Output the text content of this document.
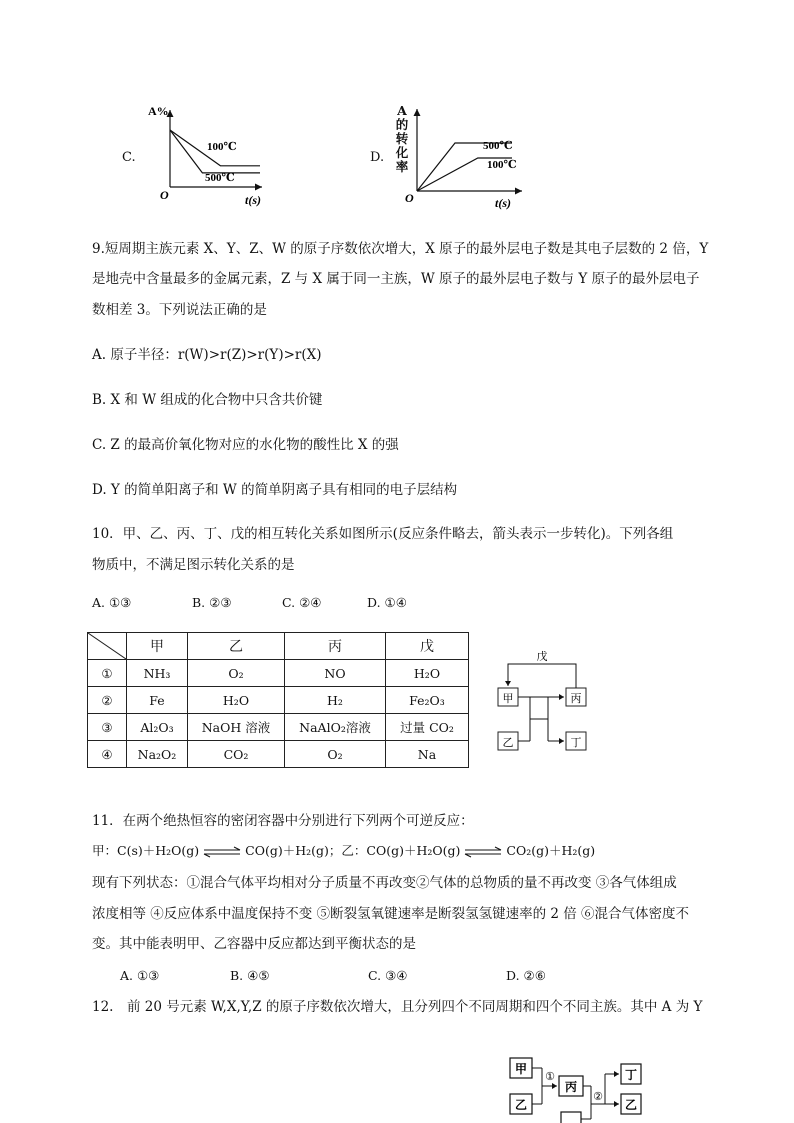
C.
A%
O	t(s)
100℃
500℃
D.
A
的
转
化
率
O	t(s)
500℃
100℃
9.短周期主族元素 X、Y、Z、W 的原子序数依次增大，X 原子的最外层电子数是其电子层数的 2 倍，Y
是地壳中含量最多的金属元素，Z 与 X 属于同一主族，W 原子的最外层电子数与 Y 原子的最外层电子
数相差 3。下列说法正确的是
A. 原子半径：r(W)>r(Z)>r(Y)>r(X)
B. X 和 W 组成的化合物中只含共价键
C. Z 的最高价氧化物对应的水化物的酸性比 X 的强
D. Y 的简单阳离子和 W 的简单阴离子具有相同的电子层结构
10．甲、乙、丙、丁、戊的相互转化关系如图所示(反应条件略去，箭头表示一步转化)。下列各组
物质中，不满足图示转化关系的是
A. ①③	B. ②③	C. ②④	D. ①④
	甲	乙	丙	戊
①	NH₃	O₂	NO	H₂O
②	Fe	H₂O	H₂	Fe₂O₃
③	Al₂O₃	NaOH 溶液	NaAlO₂溶液	过量 CO₂
④	Na₂O₂	CO₂	O₂	Na
甲	丙
乙	丁
戊
11．在两个绝热恒容的密闭容器中分别进行下列两个可逆反应：
甲：C(s)＋H₂O(g) ⇌ CO(g)＋H₂(g)；乙：CO(g)＋H₂O(g) ⇌ CO₂(g)＋H₂(g)
现有下列状态：①混合气体平均相对分子质量不再改变②气体的总物质的量不再改变 ③各气体组成
浓度相等 ④反应体系中温度保持不变 ⑤断裂氢氧键速率是断裂氢氢键速率的 2 倍 ⑥混合气体密度不
变。其中能表明甲、乙容器中反应都达到平衡状态的是
A. ①③	B. ④⑤	C. ③④	D. ②⑥
12.　前 20 号元素 W,X,Y,Z 的原子序数依次增大，且分列四个不同周期和四个不同主族。其中 A 为 Y
甲
乙
丙
丁
乙
①
②
